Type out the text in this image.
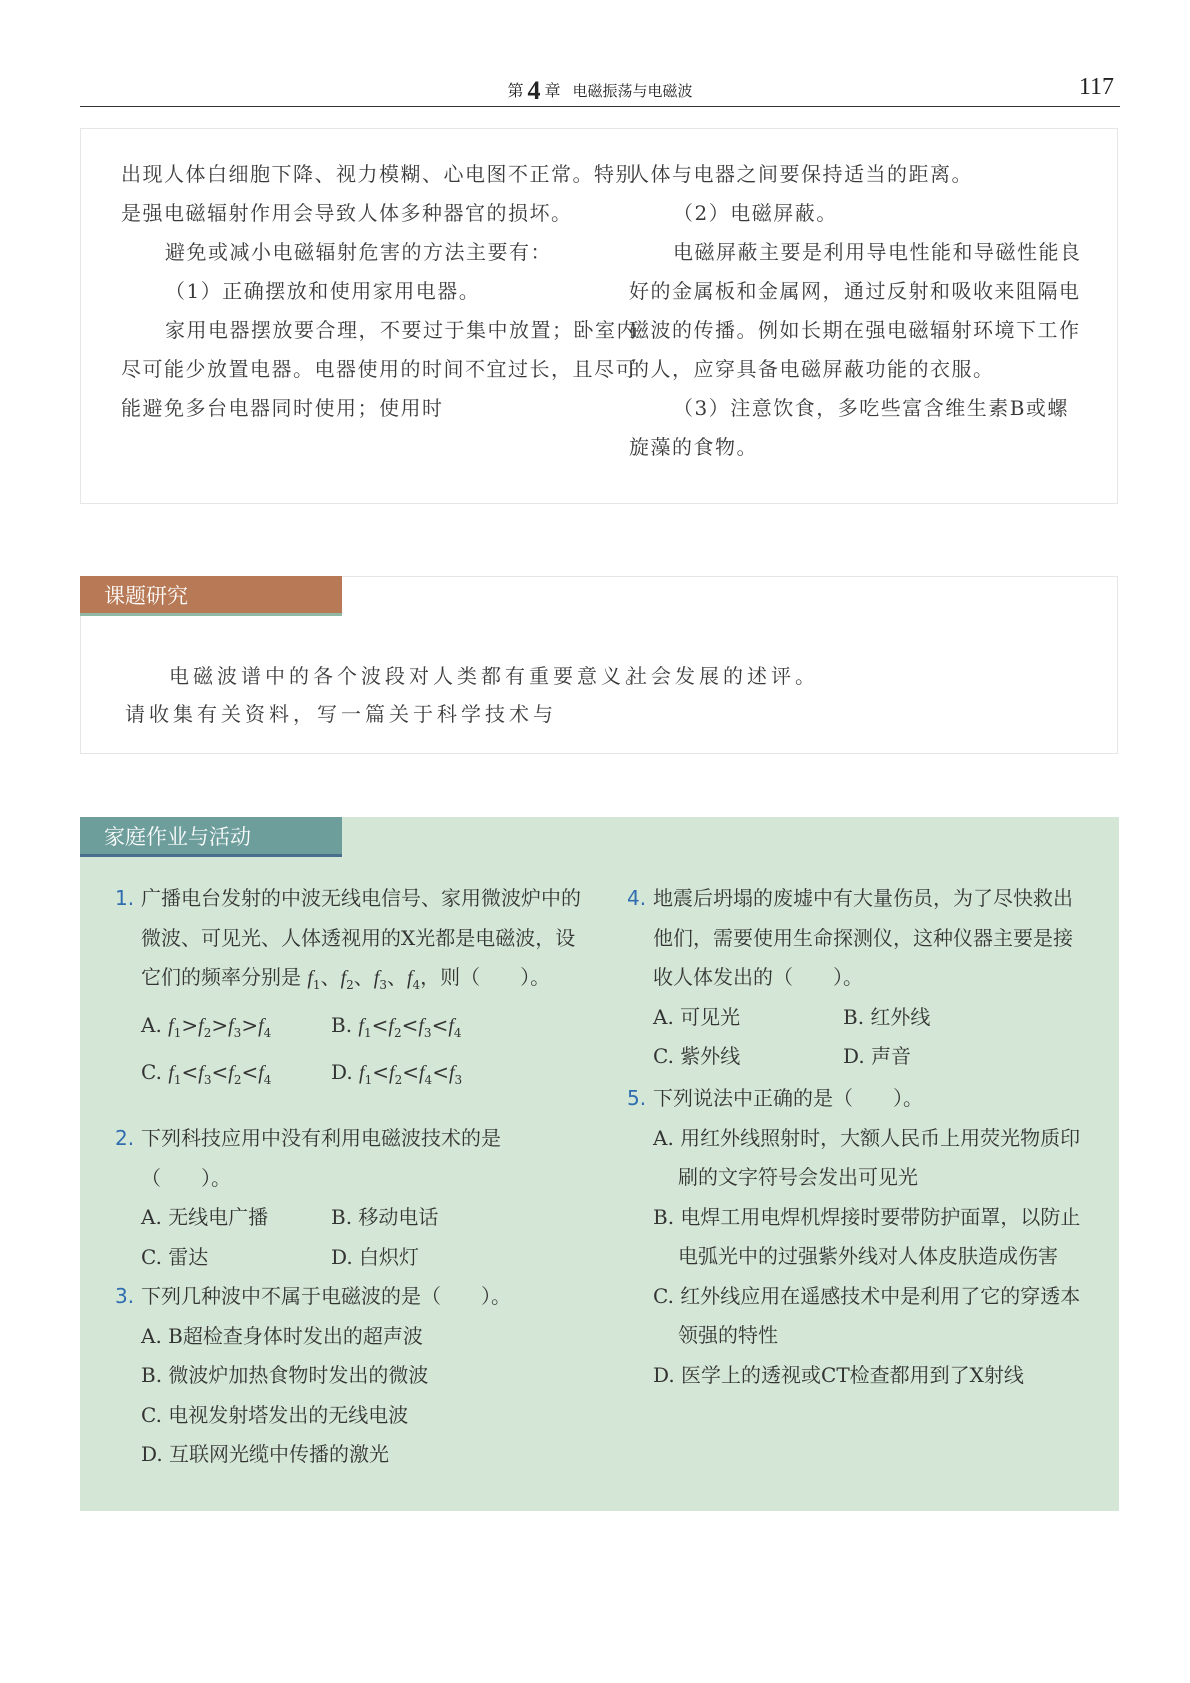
第 4 章 电磁振荡与电磁波	117

出现人体白细胞下降、视力模糊、心电图不正常。特别是强电磁辐射作用会导致人体多种器官的损坏。

避免或减小电磁辐射危害的方法主要有：

（1）正确摆放和使用家用电器。

家用电器摆放要合理，不要过于集中放置；卧室内尽可能少放置电器。电器使用的时间不宜过长，且尽可能避免多台电器同时使用；使用时

人体与电器之间要保持适当的距离。

（2）电磁屏蔽。

电磁屏蔽主要是利用导电性能和导磁性能良好的金属板和金属网，通过反射和吸收来阻隔电磁波的传播。例如长期在强电磁辐射环境下工作的人，应穿具备电磁屏蔽功能的衣服。

（3）注意饮食，多吃些富含维生素B或螺旋藻的食物。

电磁波谱中的各个波段对人类都有重要意义。请收集有关资料，写一篇关于科学技术与

社会发展的述评。

课题研究
家庭作业与活动
1. 广播电台发射的中波无线电信号、家用微波炉中的微波、可见光、人体透视用的X光都是电磁波，设它们的频率分别是 $f_1$、$f_2$、$f_3$、$f_4$，则（　　）。
A. $f_1>f_2>f_3>f_4$	B. $f_1<f_2<f_3<f_4$
C. $f_1<f_3<f_2<f_4$	D. $f_1<f_2<f_4<f_3$
2. 下列科技应用中没有利用电磁波技术的是（　　）。
A. 无线电广播	B. 移动电话
C. 雷达	D. 白炽灯
3. 下列几种波中不属于电磁波的是（　　）。
A. B超检查身体时发出的超声波
B. 微波炉加热食物时发出的微波
C. 电视发射塔发出的无线电波
D. 互联网光缆中传播的激光
4. 地震后坍塌的废墟中有大量伤员，为了尽快救出他们，需要使用生命探测仪，这种仪器主要是接收人体发出的（　　）。
A. 可见光	B. 红外线
C. 紫外线	D. 声音
5. 下列说法中正确的是（　　）。
A. 用红外线照射时，大额人民币上用荧光物质印刷的文字符号会发出可见光
B. 电焊工用电焊机焊接时要带防护面罩，以防止电弧光中的过强紫外线对人体皮肤造成伤害
C. 红外线应用在遥感技术中是利用了它的穿透本领强的特性
D. 医学上的透视或CT检查都用到了X射线
